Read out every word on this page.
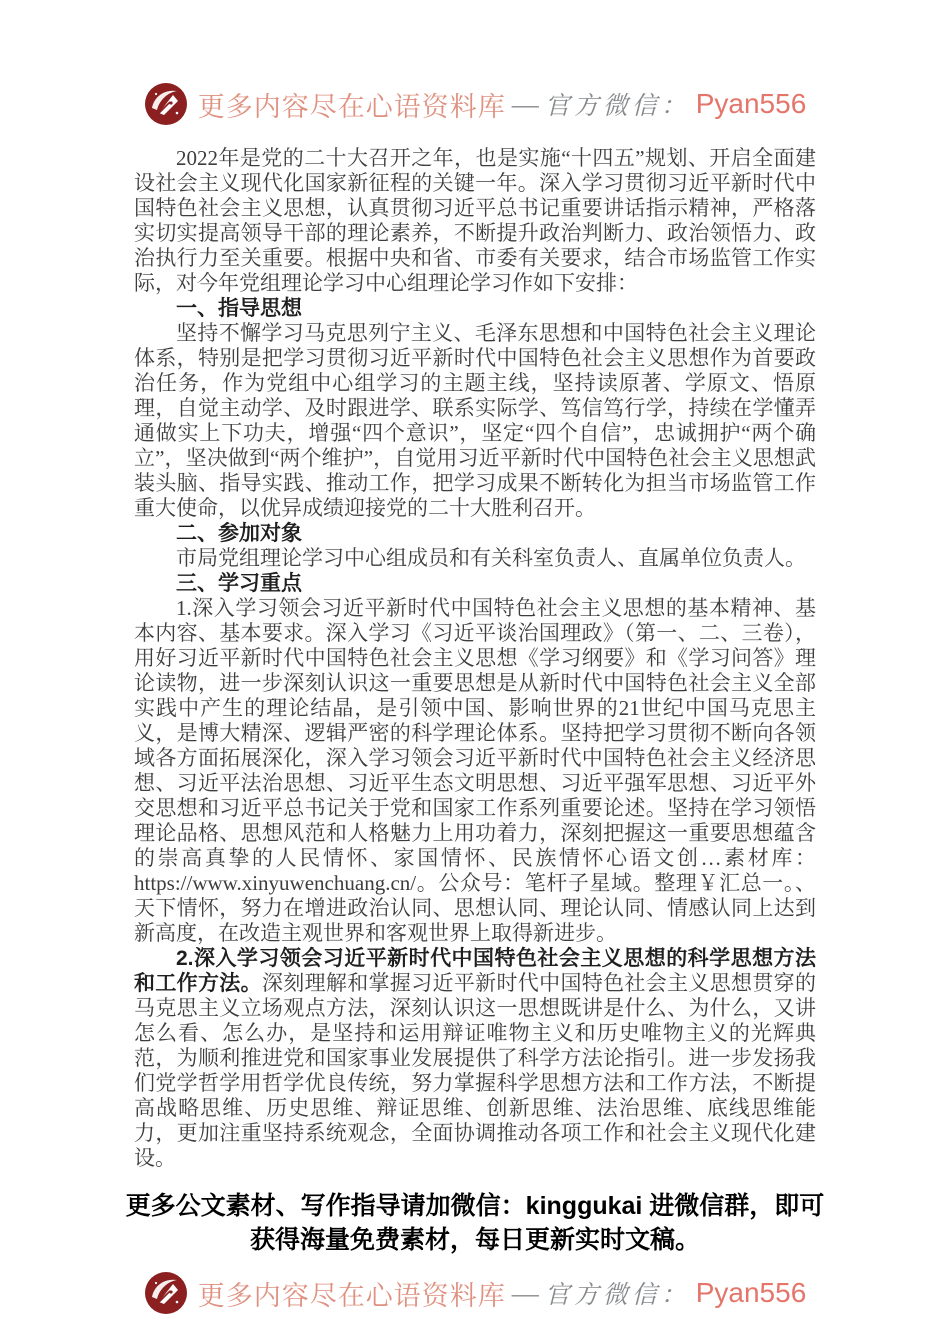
更多内容尽在心语资料库 — 官方微信： Pyan556

2022年是党的二十大召开之年，也是实施“十四五”规划、开启全面建设社会主义现代化国家新征程的关键一年。深入学习贯彻习近平新时代中国特色社会主义思想，认真贯彻习近平总书记重要讲话指示精神，严格落实切实提高领导干部的理论素养，不断提升政治判断力、政治领悟力、政治执行力至关重要。根据中央和省、市委有关要求，结合市场监管工作实际，对今年党组理论学习中心组理论学习作如下安排：

一、指导思想

坚持不懈学习马克思列宁主义、毛泽东思想和中国特色社会主义理论体系，特别是把学习贯彻习近平新时代中国特色社会主义思想作为首要政治任务，作为党组中心组学习的主题主线，坚持读原著、学原文、悟原理，自觉主动学、及时跟进学、联系实际学、笃信笃行学，持续在学懂弄通做实上下功夫，增强“四个意识”，坚定“四个自信”，忠诚拥护“两个确立”，坚决做到“两个维护”，自觉用习近平新时代中国特色社会主义思想武装头脑、指导实践、推动工作，把学习成果不断转化为担当市场监管工作重大使命，以优异成绩迎接党的二十大胜利召开。

二、参加对象

市局党组理论学习中心组成员和有关科室负责人、直属单位负责人。

三、学习重点

1.深入学习领会习近平新时代中国特色社会主义思想的基本精神、基本内容、基本要求。深入学习《习近平谈治国理政》（第一、二、三卷），用好习近平新时代中国特色社会主义思想《学习纲要》和《学习问答》理论读物，进一步深刻认识这一重要思想是从新时代中国特色社会主义全部实践中产生的理论结晶，是引领中国、影响世界的21世纪中国马克思主义，是博大精深、逻辑严密的科学理论体系。坚持把学习贯彻不断向各领域各方面拓展深化，深入学习领会习近平新时代中国特色社会主义经济思想、习近平法治思想、习近平生态文明思想、习近平强军思想、习近平外交思想和习近平总书记关于党和国家工作系列重要论述。坚持在学习领悟理论品格、思想风范和人格魅力上用功着力，深刻把握这一重要思想蕴含的崇高真挚的人民情怀、家国情怀、民族情怀心语文创…素材库：https://www.xinyuwenchuang.cn/。公众号：笔杆子星域。整理￥汇总一。、天下情怀，努力在增进政治认同、思想认同、理论认同、情感认同上达到新高度，在改造主观世界和客观世界上取得新进步。

2.深入学习领会习近平新时代中国特色社会主义思想的科学思想方法和工作方法。深刻理解和掌握习近平新时代中国特色社会主义思想贯穿的马克思主义立场观点方法，深刻认识这一思想既讲是什么、为什么，又讲怎么看、怎么办，是坚持和运用辩证唯物主义和历史唯物主义的光辉典范，为顺利推进党和国家事业发展提供了科学方法论指引。进一步发扬我们党学哲学用哲学优良传统，努力掌握科学思想方法和工作方法，不断提高战略思维、历史思维、辩证思维、创新思维、法治思维、底线思维能力，更加注重坚持系统观念，全面协调推动各项工作和社会主义现代化建设。

更多公文素材、写作指导请加微信：kinggukai 进微信群，即可获得海量免费素材，每日更新实时文稿。
更多内容尽在心语资料库 — 官方微信： Pyan556
